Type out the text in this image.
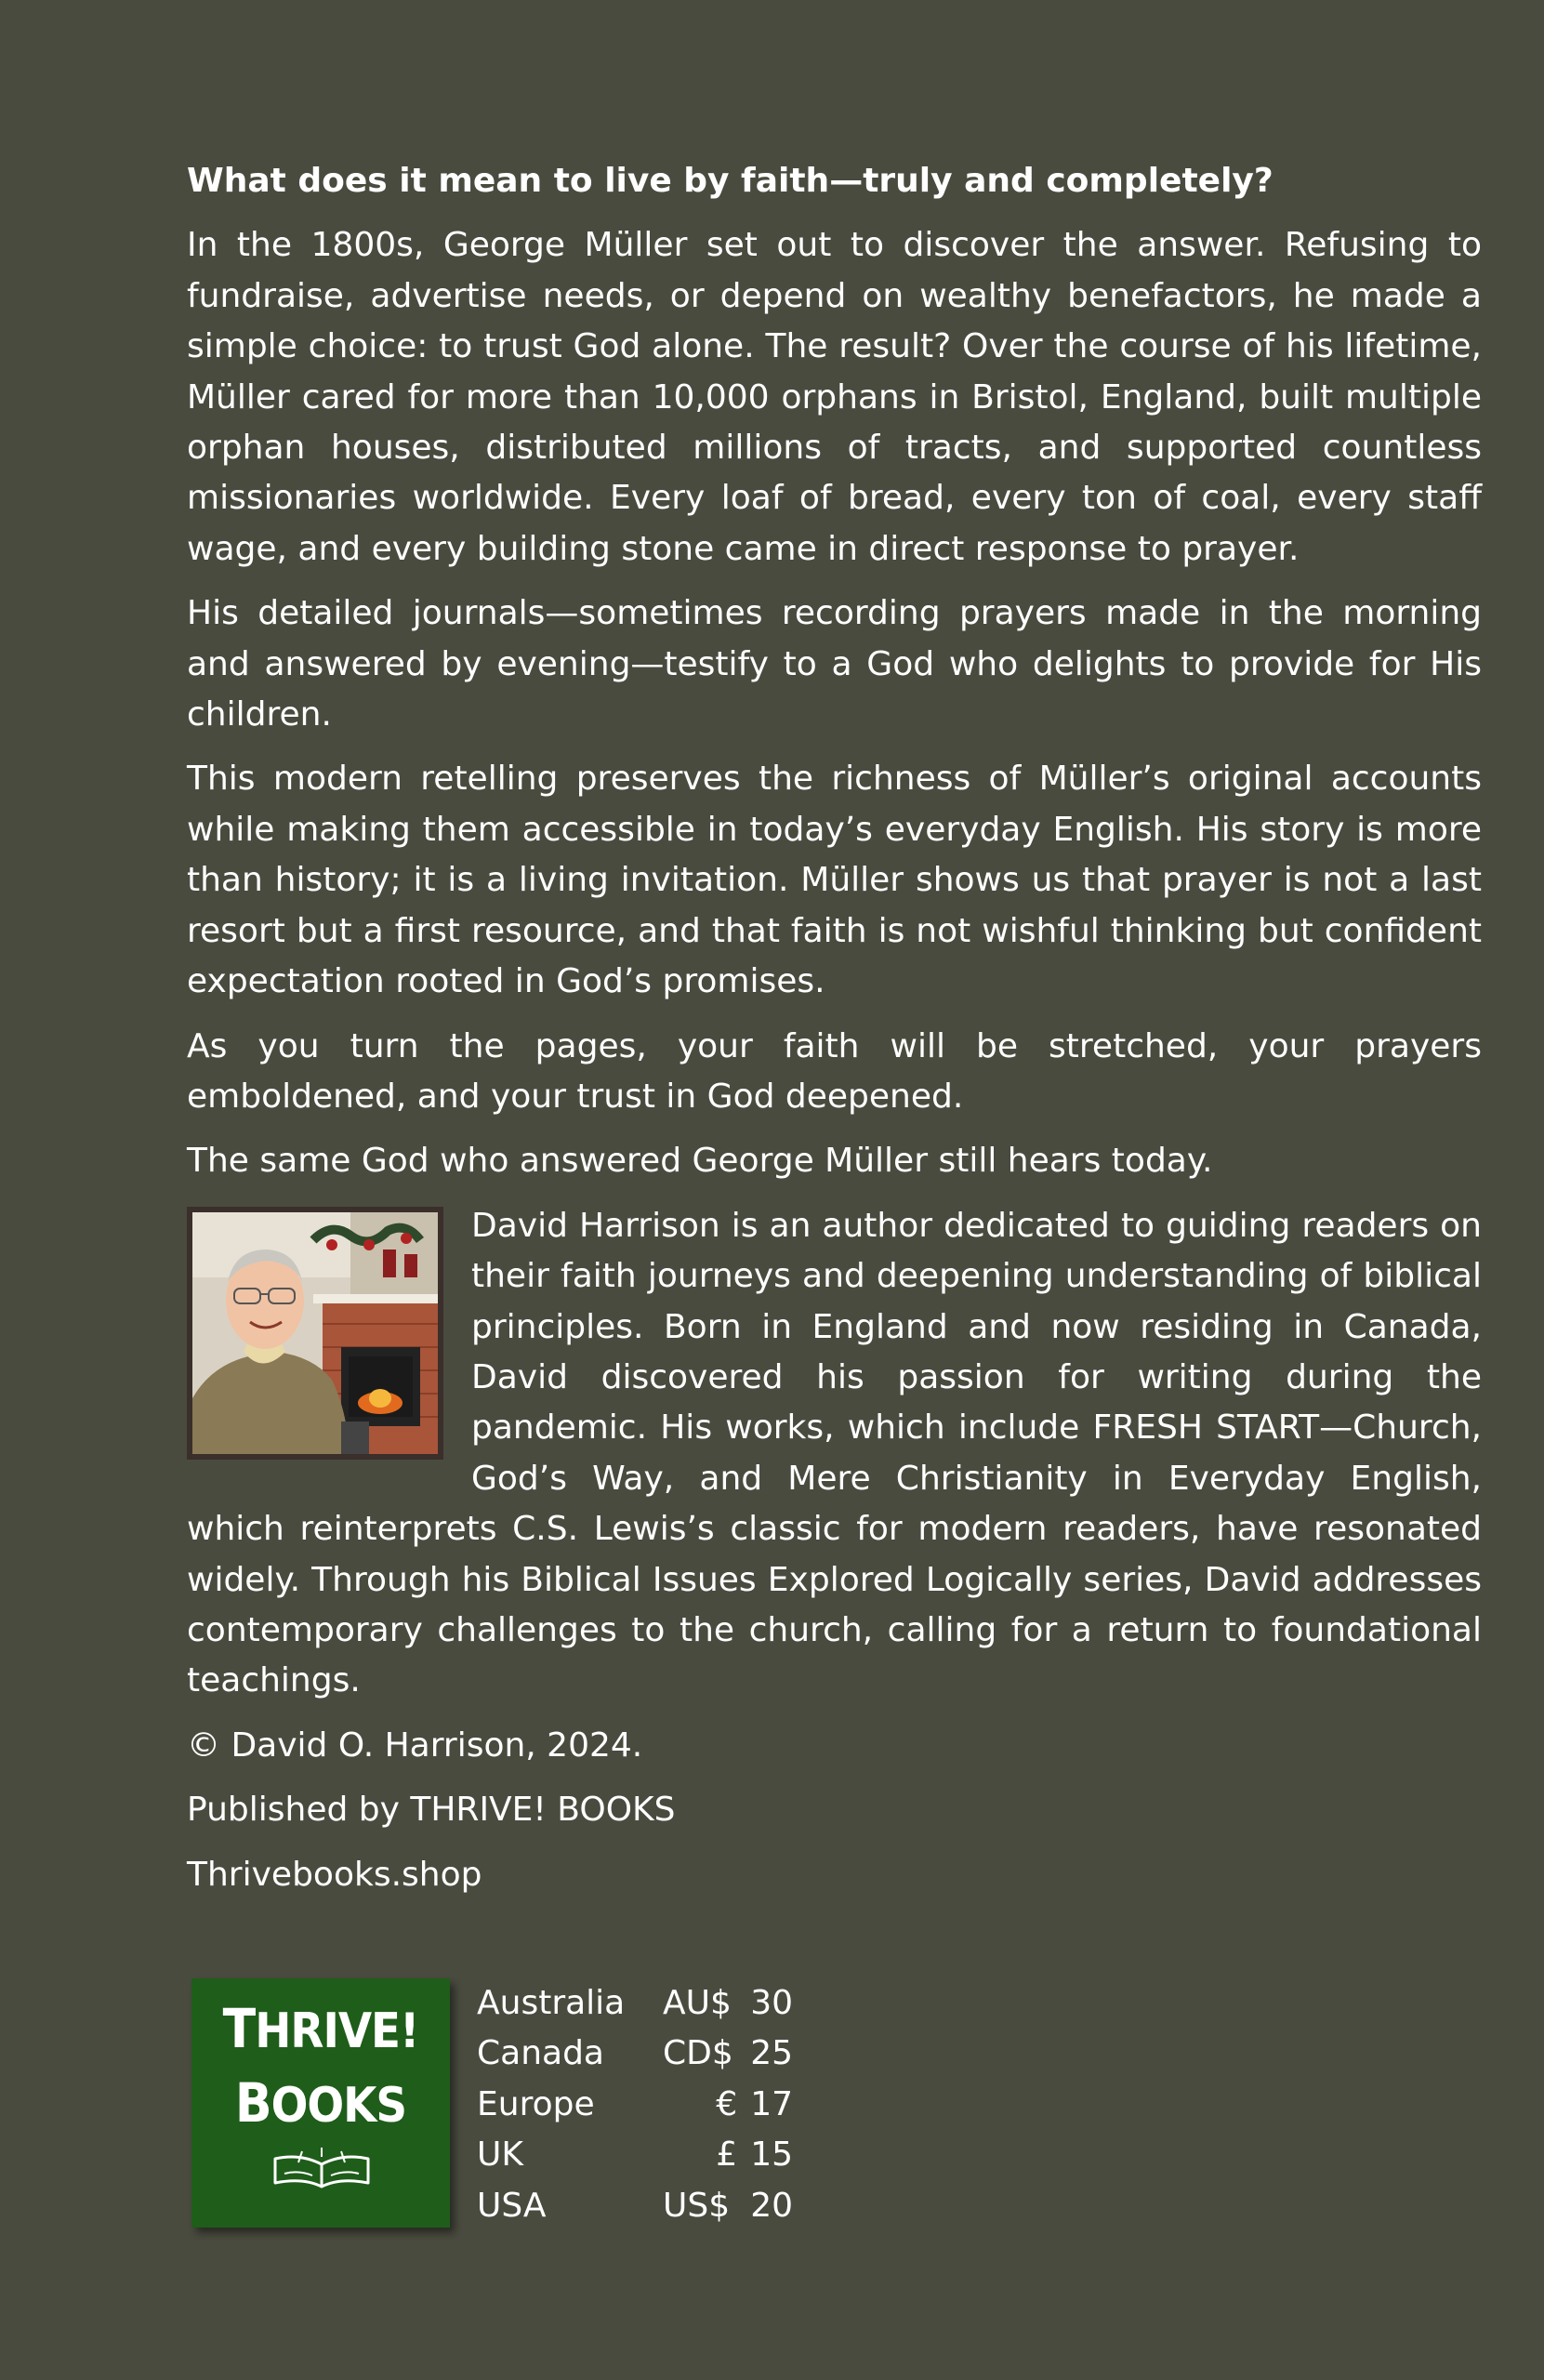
What does it mean to live by faith—truly and completely?

In the 1800s, George Müller set out to discover the answer. Refusing to fundraise, advertise needs, or depend on wealthy benefactors, he made a simple choice: to trust God alone. The result? Over the course of his lifetime, Müller cared for more than 10,000 orphans in Bristol, England, built multiple orphan houses, distributed millions of tracts, and supported countless missionaries worldwide. Every loaf of bread, every ton of coal, every staff wage, and every building stone came in direct response to prayer.

His detailed journals—sometimes recording prayers made in the morning and answered by evening—testify to a God who delights to provide for His children.

This modern retelling preserves the richness of Müller’s original accounts while making them accessible in today’s everyday English. His story is more than history; it is a living invitation. Müller shows us that prayer is not a last resort but a first resource, and that faith is not wishful thinking but confident expectation rooted in God’s promises.

As you turn the pages, your faith will be stretched, your prayers emboldened, and your trust in God deepened.

The same God who answered George Müller still hears today.

David Harrison is an author dedicated to guiding readers on their faith journeys and deepening understanding of biblical principles. Born in England and now residing in Canada, David discovered his passion for writing during the pandemic. His works, which include FRESH START—Church, God’s Way, and Mere Christianity in Everyday English, which reinterprets C.S. Lewis’s classic for modern readers, have resonated widely. Through his Biblical Issues Explored Logically series, David addresses contemporary challenges to the church, calling for a return to foundational teachings.

© David O. Harrison, 2024.

Published by THRIVE! BOOKS

Thrivebooks.shop

THRIVE!
BOOKS
Australia	AU$ 30
Canada	CD$ 25
Europe	€ 17
UK	£ 15
USA	US$ 20
